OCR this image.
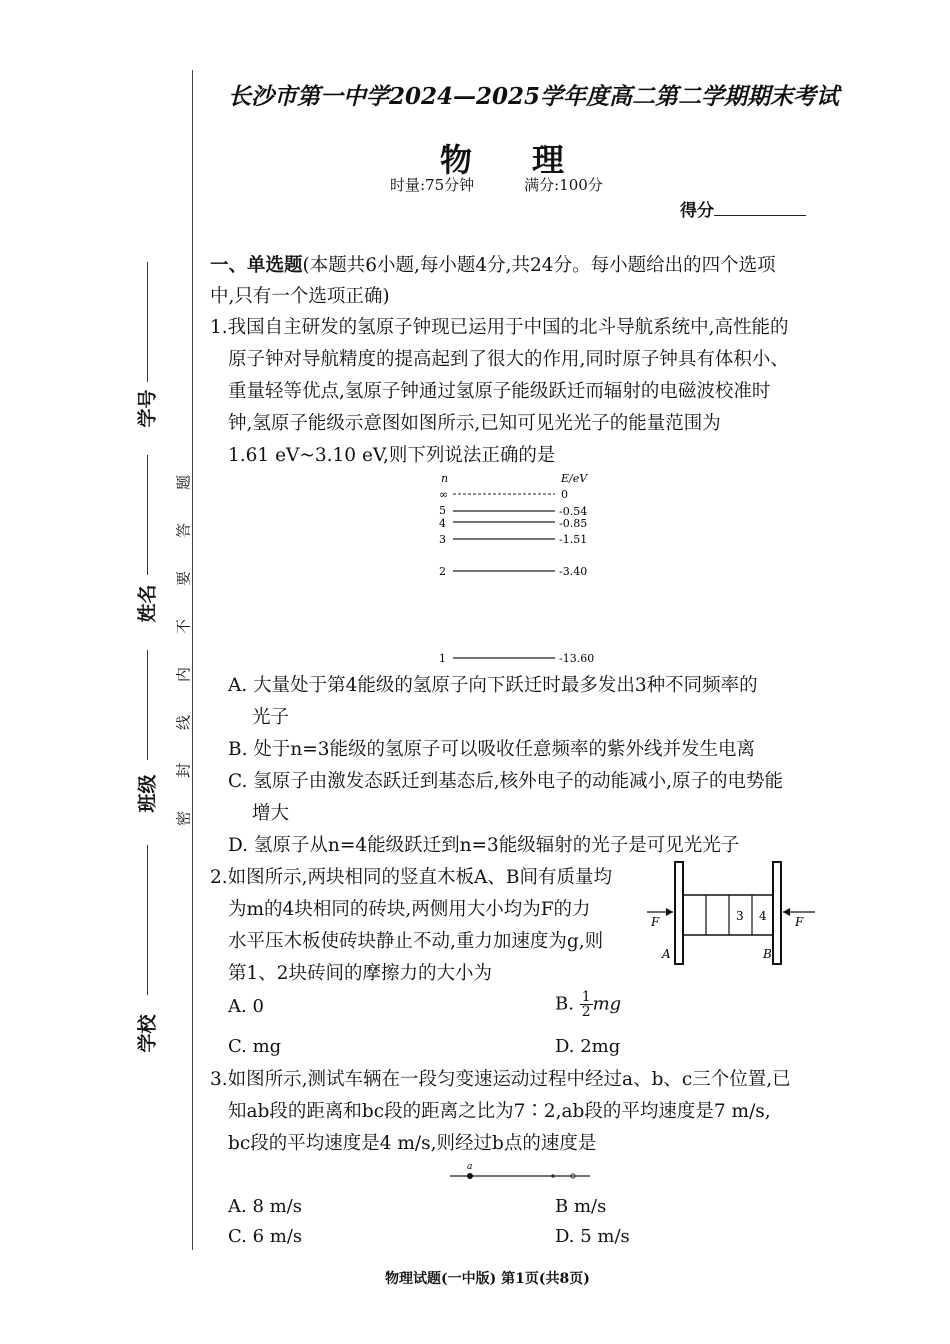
学号
姓名
班级
学校
密
封
线
内
不
要
答
题
长沙市第一中学2024—2025学年度高二第二学期期末考试
物理
时量:75分钟	满分:100分
得分
一、单选题(本题共6小题,每小题4分,共24分。每小题给出的四个选项
中,只有一个选项正确)
1.我国自主研发的氢原子钟现已运用于中国的北斗导航系统中,高性能的
原子钟对导航精度的提高起到了很大的作用,同时原子钟具有体积小、
重量轻等优点,氢原子钟通过氢原子能级跃迁而辐射的电磁波校准时
钟,氢原子能级示意图如图所示,已知可见光光子的能量范围为
1.61 eV~3.10 eV,则下列说法正确的是
n	E/eV
∞	0
5	-0.54
4	-0.85
3	-1.51
2	-3.40
1	-13.60
A. 大量处于第4能级的氢原子向下跃迁时最多发出3种不同频率的
光子
B. 处于n=3能级的氢原子可以吸收任意频率的紫外线并发生电离
C. 氢原子由激发态跃迁到基态后,核外电子的动能减小,原子的电势能
增大
D. 氢原子从n=4能级跃迁到n=3能级辐射的光子是可见光光子
2.如图所示,两块相同的竖直木板A、B间有质量均
为m的4块相同的砖块,两侧用大小均为F的力
水平压木板使砖块静止不动,重力加速度为g,则
第1、2块砖间的摩擦力的大小为
3 4
F	F
A	B
A. 0	B. $\frac{1}{2}$ mg
C. mg	D. 2mg
3.如图所示,测试车辆在一段匀变速运动过程中经过a、b、c三个位置,已
知ab段的距离和bc段的距离之比为7∶2,ab段的平均速度是7 m/s,
bc段的平均速度是4 m/s,则经过b点的速度是
a
A. 8 m/s	B m/s
C. 6 m/s	D. 5 m/s
物理试题(一中版) 第1页(共8页)
